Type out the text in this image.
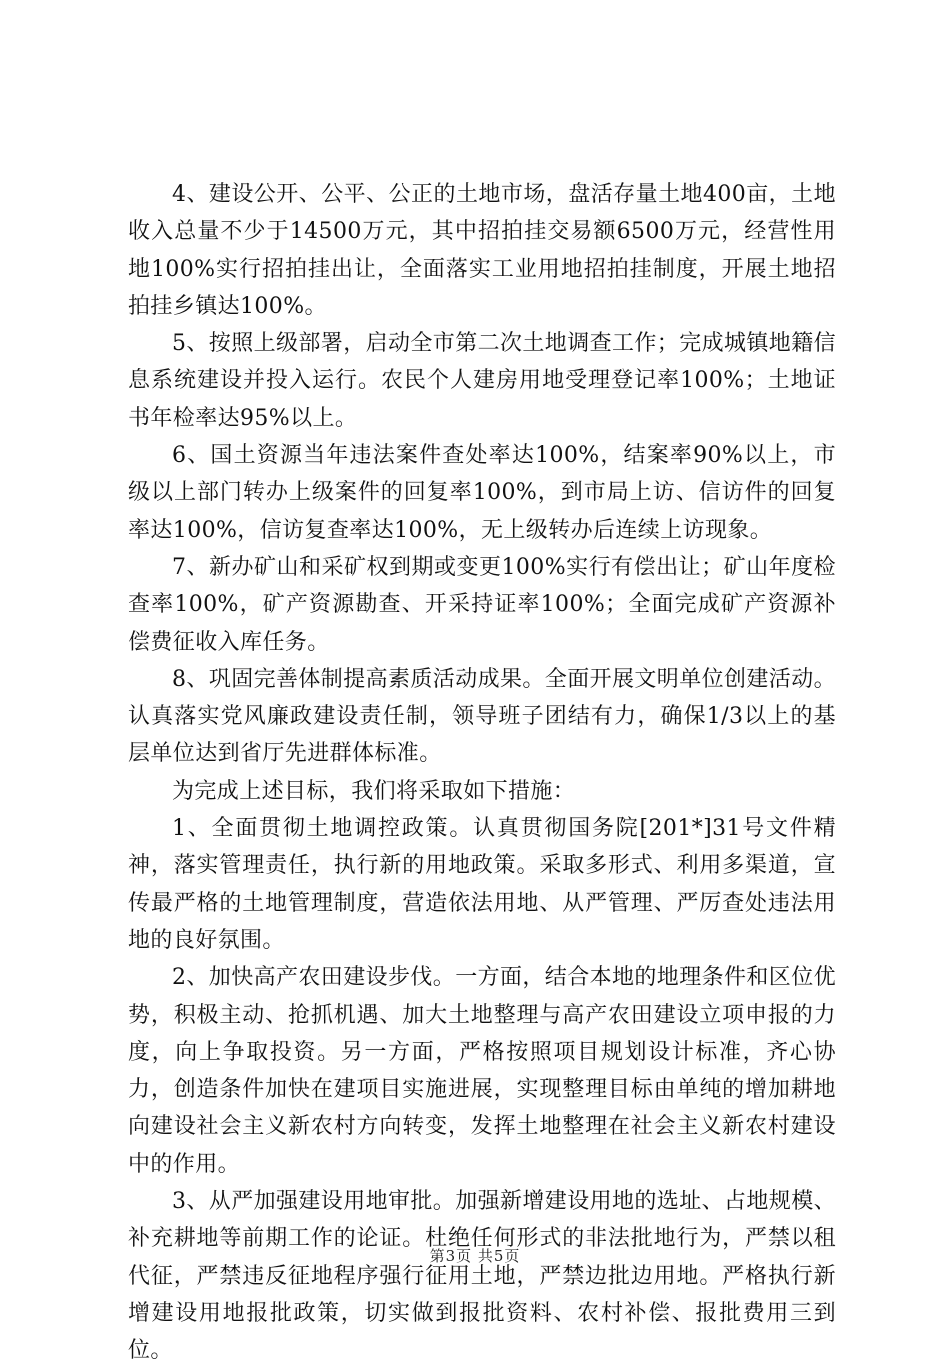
4、建设公开、公平、公正的土地市场，盘活存量土地400亩，土地收入总量不少于14500万元，其中招拍挂交易额6500万元，经营性用地100%实行招拍挂出让，全面落实工业用地招拍挂制度，开展土地招拍挂乡镇达100%。

5、按照上级部署，启动全市第二次土地调查工作；完成城镇地籍信息系统建设并投入运行。农民个人建房用地受理登记率100%；土地证书年检率达95%以上。

6、国土资源当年违法案件查处率达100%，结案率90%以上，市级以上部门转办上级案件的回复率100%，到市局上访、信访件的回复率达100%，信访复查率达100%，无上级转办后连续上访现象。

7、新办矿山和采矿权到期或变更100%实行有偿出让；矿山年度检查率100%，矿产资源勘查、开采持证率100%；全面完成矿产资源补偿费征收入库任务。

8、巩固完善体制提高素质活动成果。全面开展文明单位创建活动。认真落实党风廉政建设责任制，领导班子团结有力，确保1/3以上的基层单位达到省厅先进群体标准。

为完成上述目标，我们将采取如下措施：

1、全面贯彻土地调控政策。认真贯彻国务院[201*]31号文件精神，落实管理责任，执行新的用地政策。采取多形式、利用多渠道，宣传最严格的土地管理制度，营造依法用地、从严管理、严厉查处违法用地的良好氛围。

2、加快高产农田建设步伐。一方面，结合本地的地理条件和区位优势，积极主动、抢抓机遇、加大土地整理与高产农田建设立项申报的力度，向上争取投资。另一方面，严格按照项目规划设计标准，齐心协力，创造条件加快在建项目实施进展，实现整理目标由单纯的增加耕地向建设社会主义新农村方向转变，发挥土地整理在社会主义新农村建设中的作用。

3、从严加强建设用地审批。加强新增建设用地的选址、占地规模、补充耕地等前期工作的论证。杜绝任何形式的非法批地行为，严禁以租代征，严禁违反征地程序强行征用土地，严禁边批边用地。严格执行新增建设用地报批政策，切实做到报批资料、农村补偿、报批费用三到位。

第3页 共5页
